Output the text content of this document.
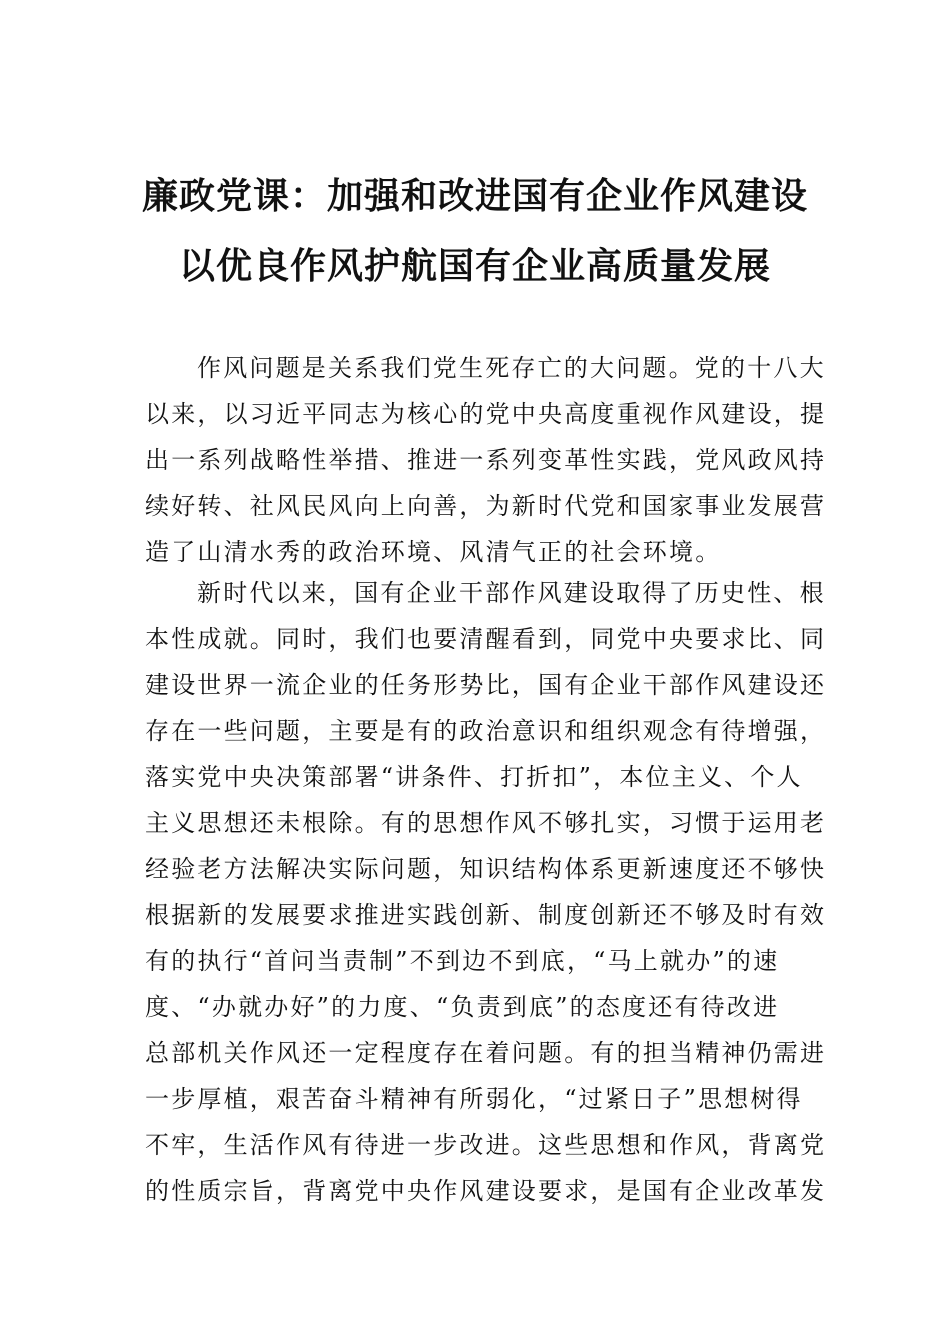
廉政党课：加强和改进国有企业作风建设
以优良作风护航国有企业高质量发展
作风问题是关系我们党生死存亡的大问题。党的十八大
以来，以习近平同志为核心的党中央高度重视作风建设，提
出一系列战略性举措、推进一系列变革性实践，党风政风持
续好转、社风民风向上向善，为新时代党和国家事业发展营
造了山清水秀的政治环境、风清气正的社会环境。
新时代以来，国有企业干部作风建设取得了历史性、根
本性成就。同时，我们也要清醒看到，同党中央要求比、同
建设世界一流企业的任务形势比，国有企业干部作风建设还
存在一些问题，主要是有的政治意识和组织观念有待增强，
落实党中央决策部署“讲条件、打折扣”，本位主义、个人
主义思想还未根除。有的思想作风不够扎实，习惯于运用老
经验老方法解决实际问题，知识结构体系更新速度还不够快
根据新的发展要求推进实践创新、制度创新还不够及时有效
有的执行“首问当责制”不到边不到底，“马上就办”的速
度、“办就办好”的力度、“负责到底”的态度还有待改进
总部机关作风还一定程度存在着问题。有的担当精神仍需进
一步厚植，艰苦奋斗精神有所弱化，“过紧日子”思想树得
不牢，生活作风有待进一步改进。这些思想和作风，背离党
的性质宗旨，背离党中央作风建设要求，是国有企业改革发
